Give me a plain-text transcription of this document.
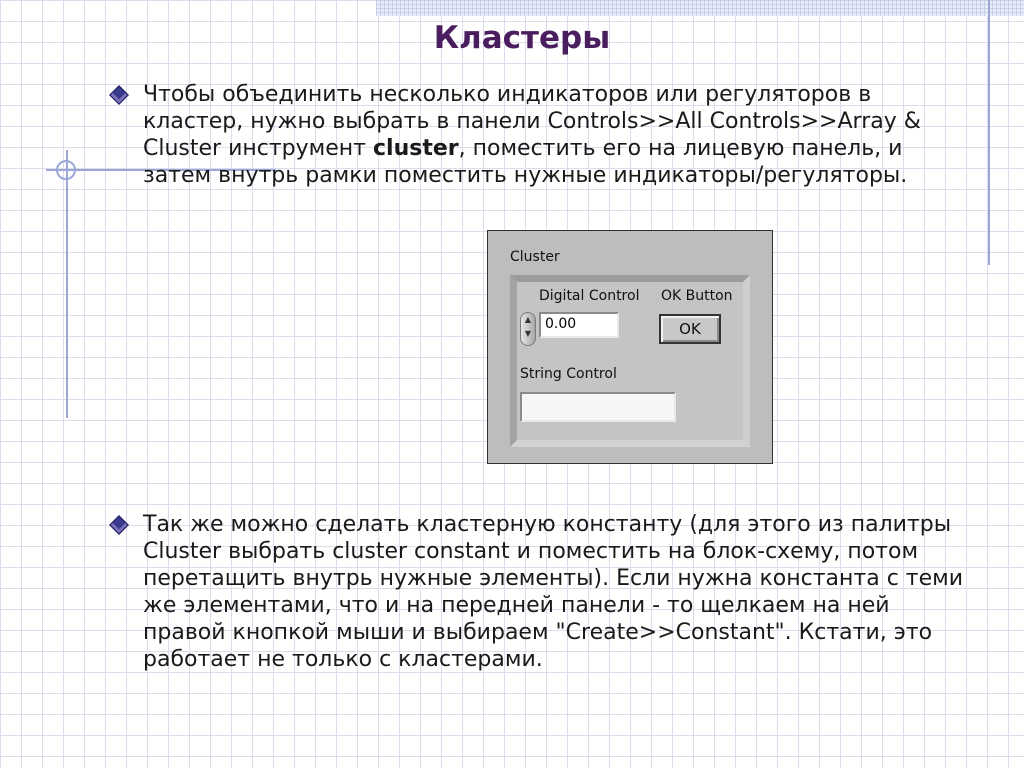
Кластеры

Чтобы объединить несколько индикаторов или регуляторов в кластер, нужно выбрать в панели Controls>>All Controls>>Array & Cluster инструмент cluster, поместить его на лицевую панель, и затем внутрь рамки поместить нужные индикаторы/регуляторы.

Cluster
Digital Control OK Button
▲
▼
0.00	OK
String Control

Так же можно сделать кластерную константу (для этого из палитры Cluster выбрать cluster constant и поместить на блок-схему, потом перетащить внутрь нужные элементы). Если нужна константа с теми же элементами, что и на передней панели - то щелкаем на ней правой кнопкой мыши и выбираем "Create>>Constant". Кстати, это работает не только с кластерами.
